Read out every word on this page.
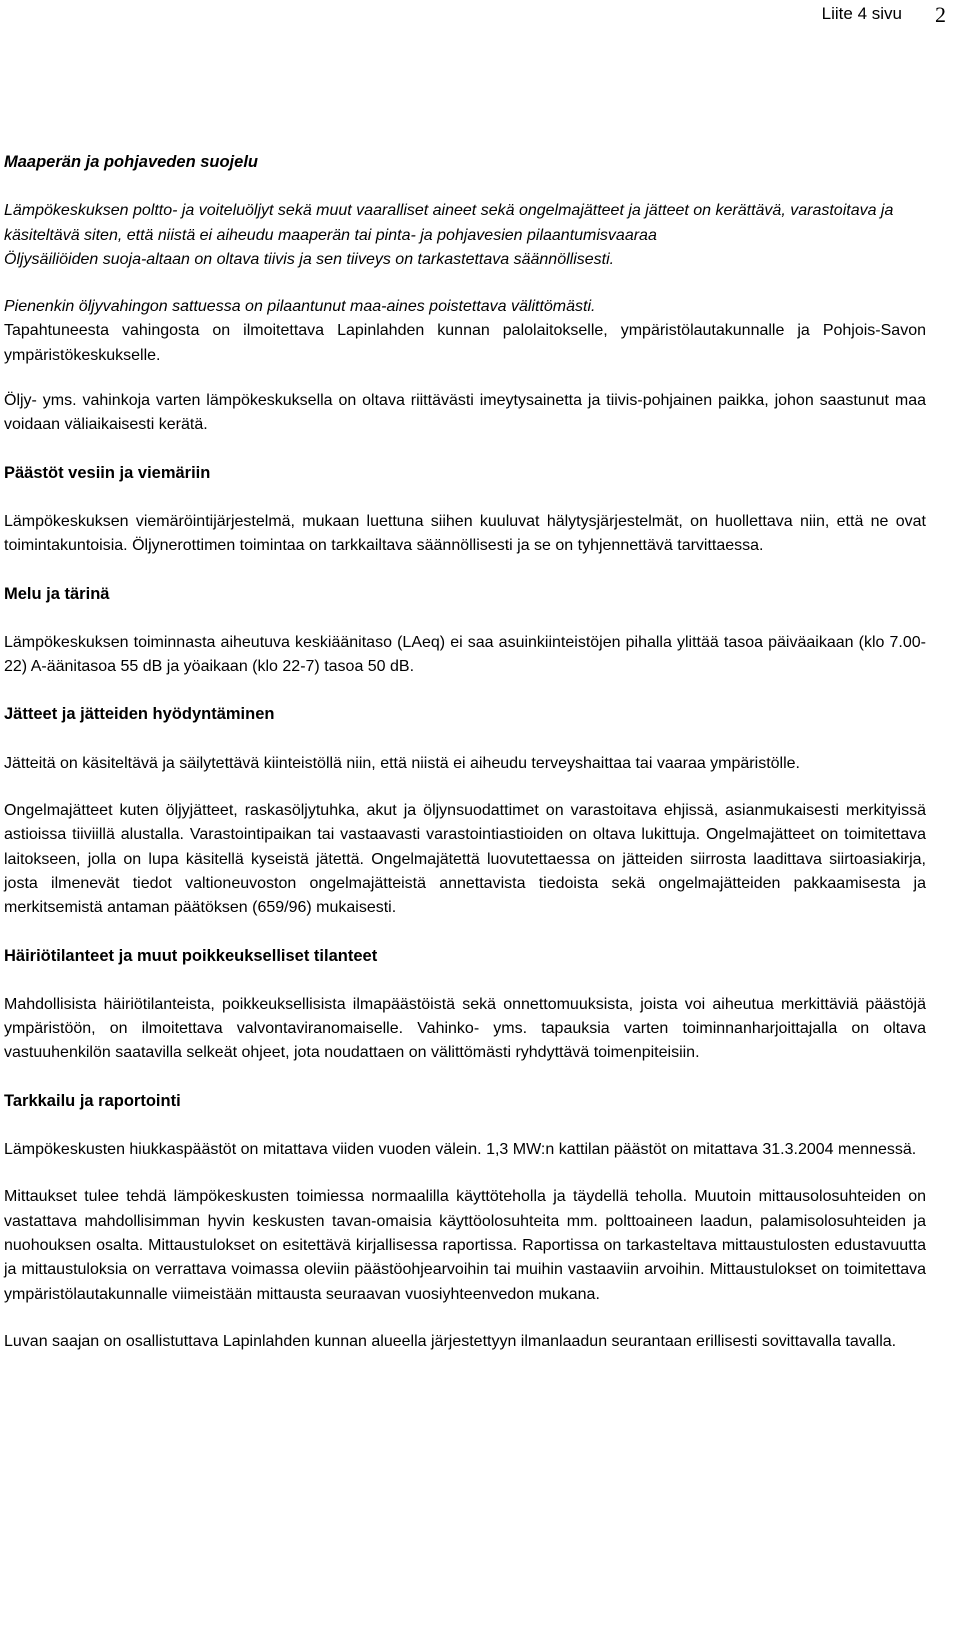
Liite 4 sivu 2

Maaperän ja pohjaveden suojelu

Lämpökeskuksen poltto- ja voiteluöljyt sekä muut vaaralliset aineet sekä ongelmajätteet ja jätteet on kerättävä, varastoitava ja käsiteltävä siten, että niistä ei aiheudu maaperän tai pinta- ja pohjavesien pilaantumisvaaraa

Öljysäiliöiden suoja-altaan on oltava tiivis ja sen tiiveys on tarkastettava säännöllisesti.

Pienenkin öljyvahingon sattuessa on pilaantunut maa-aines poistettava välittömästi.

Tapahtuneesta vahingosta on ilmoitettava Lapinlahden kunnan palolaitokselle, ympäristölautakunnalle ja Pohjois-Savon ympäristökeskukselle.

Öljy- yms. vahinkoja varten lämpökeskuksella on oltava riittävästi imeytysainetta ja tiivis-pohjainen paikka, johon saastunut maa voidaan väliaikaisesti kerätä.

Päästöt vesiin ja viemäriin

Lämpökeskuksen viemäröintijärjestelmä, mukaan luettuna siihen kuuluvat hälytysjärjestelmät, on huollettava niin, että ne ovat toimintakuntoisia. Öljynerottimen toimintaa on tarkkailtava säännöllisesti ja se on tyhjennettävä tarvittaessa.

Melu ja tärinä

Lämpökeskuksen toiminnasta aiheutuva keskiäänitaso (LAeq) ei saa asuinkiinteistöjen pihalla ylittää tasoa päiväaikaan (klo 7.00-22) A-äänitasoa 55 dB ja yöaikaan (klo 22-7) tasoa 50 dB.

Jätteet ja jätteiden hyödyntäminen

Jätteitä on käsiteltävä ja säilytettävä kiinteistöllä niin, että niistä ei aiheudu terveyshaittaa tai vaaraa ympäristölle.

Ongelmajätteet kuten öljyjätteet, raskasöljytuhka, akut ja öljynsuodattimet on varastoitava ehjissä, asianmukaisesti merkityissä astioissa tiiviillä alustalla. Varastointipaikan tai vastaavasti varastointiastioiden on oltava lukittuja. Ongelmajätteet on toimitettava laitokseen, jolla on lupa käsitellä kyseistä jätettä. Ongelmajätettä luovutettaessa on jätteiden siirrosta laadittava siirtoasiakirja, josta ilmenevät tiedot valtioneuvoston ongelmajätteistä annettavista tiedoista sekä ongelmajätteiden pakkaamisesta ja merkitsemistä antaman päätöksen (659/96) mukaisesti.

Häiriötilanteet ja muut poikkeukselliset tilanteet

Mahdollisista häiriötilanteista, poikkeuksellisista ilmapäästöistä sekä onnettomuuksista, joista voi aiheutua merkittäviä päästöjä ympäristöön, on ilmoitettava valvontaviranomaiselle. Vahinko- yms. tapauksia varten toiminnanharjoittajalla on oltava vastuuhenkilön saatavilla selkeät ohjeet, jota noudattaen on välittömästi ryhdyttävä toimenpiteisiin.

Tarkkailu ja raportointi

Lämpökeskusten hiukkaspäästöt on mitattava viiden vuoden välein. 1,3 MW:n kattilan päästöt on mitattava 31.3.2004 mennessä.

Mittaukset tulee tehdä lämpökeskusten toimiessa normaalilla käyttöteholla ja täydellä teholla. Muutoin mittausolosuhteiden on vastattava mahdollisimman hyvin keskusten tavan-omaisia käyttöolosuhteita mm. polttoaineen laadun, palamisolosuhteiden ja nuohouksen osalta. Mittaustulokset on esitettävä kirjallisessa raportissa. Raportissa on tarkasteltava mittaustulosten edustavuutta ja mittaustuloksia on verrattava voimassa oleviin päästöohjearvoihin tai muihin vastaaviin arvoihin. Mittaustulokset on toimitettava ympäristölautakunnalle viimeistään mittausta seuraavan vuosiyhteenvedon mukana.

Luvan saajan on osallistuttava Lapinlahden kunnan alueella järjestettyyn ilmanlaadun seurantaan erillisesti sovittavalla tavalla.
